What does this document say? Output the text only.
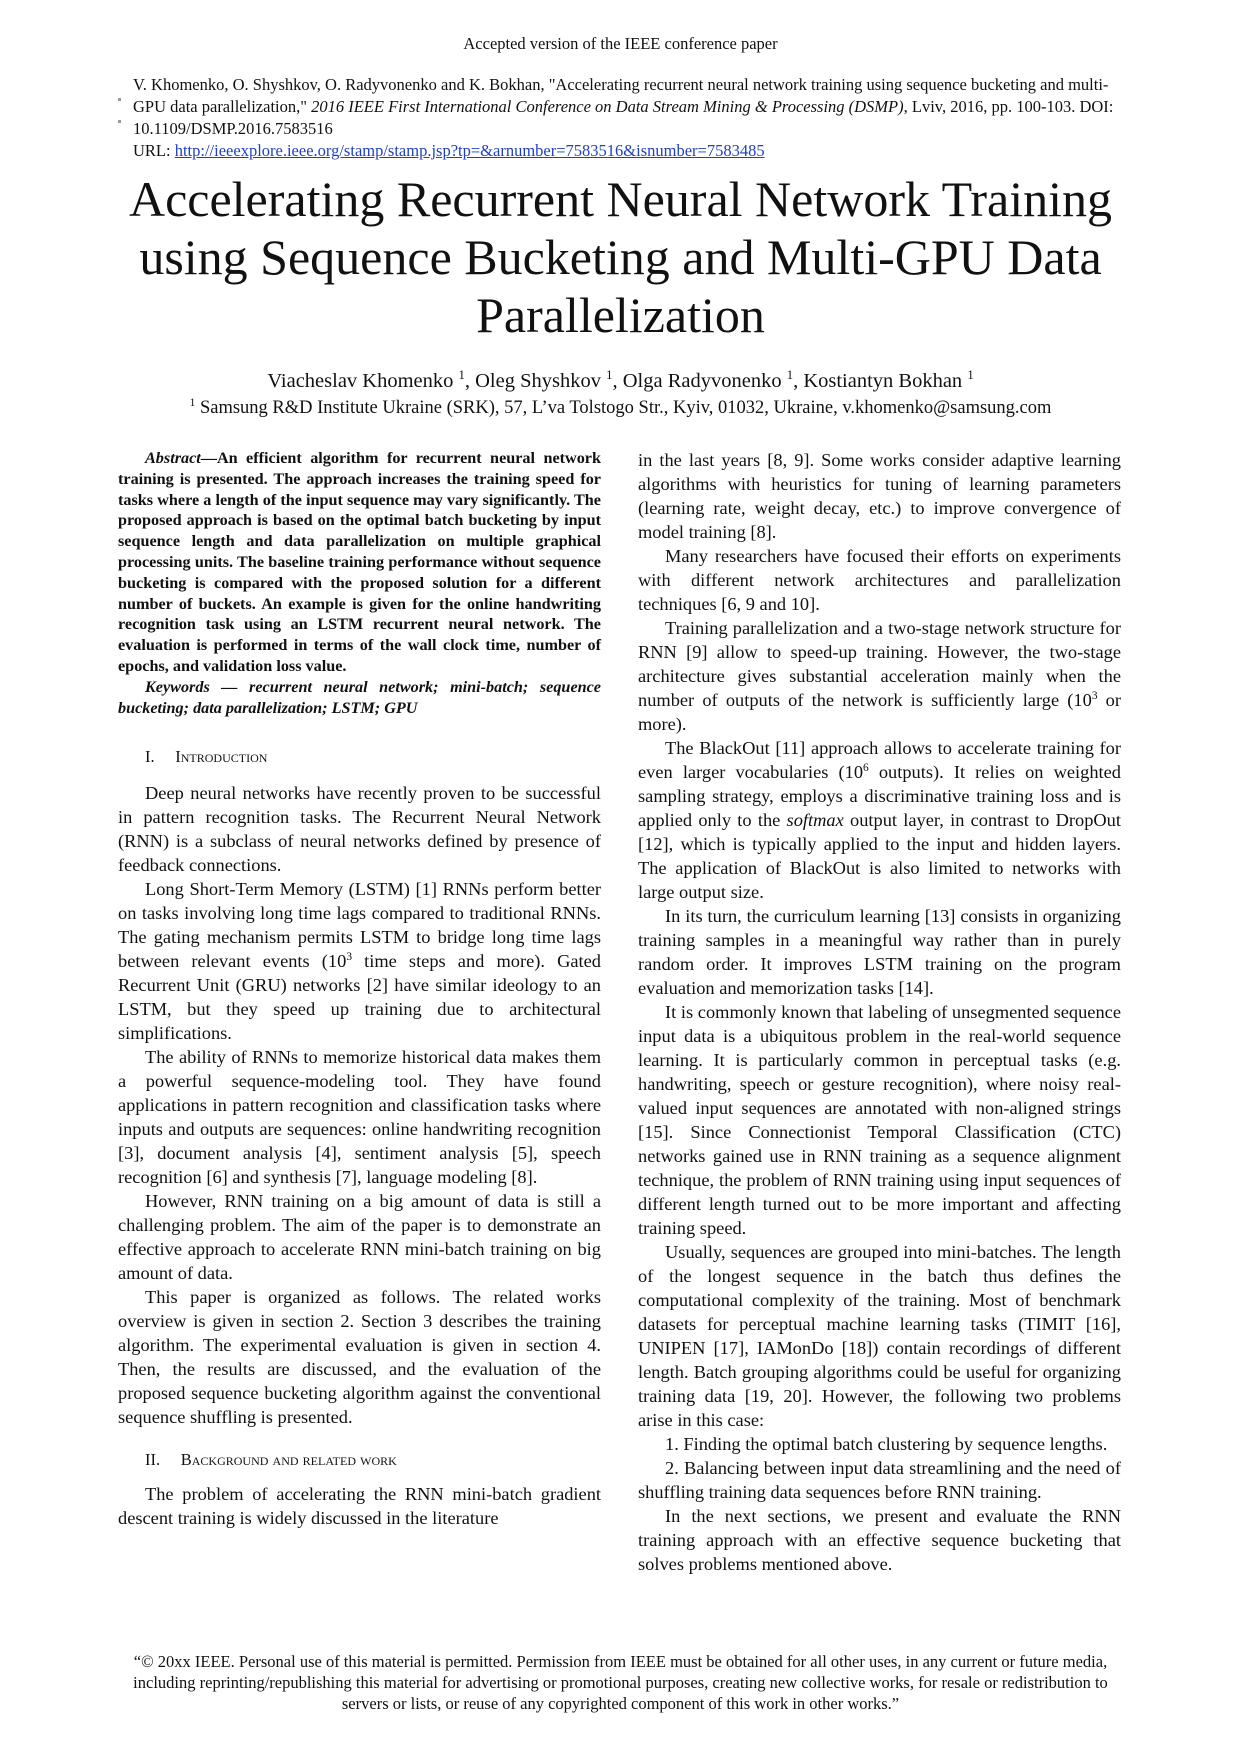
Accepted version of the IEEE conference paper
V. Khomenko, O. Shyshkov, O. Radyvonenko and K. Bokhan, "Accelerating recurrent neural network training using sequence bucketing and multi-GPU data parallelization," 2016 IEEE First International Conference on Data Stream Mining & Processing (DSMP), Lviv, 2016, pp. 100-103. DOI: 10.1109/DSMP.2016.7583516
URL: http://ieeexplore.ieee.org/stamp/stamp.jsp?tp=&arnumber=7583516&isnumber=7583485
Accelerating Recurrent Neural Network Training using Sequence Bucketing and Multi-GPU Data Parallelization
Viacheslav Khomenko $^1$, Oleg Shyshkov $^1$, Olga Radyvonenko $^1$, Kostiantyn Bokhan $^1$
$^1$ Samsung R&D Institute Ukraine (SRK), 57, L’va Tolstogo Str., Kyiv, 01032, Ukraine, v.khomenko@samsung.com

Abstract—An efficient algorithm for recurrent neural network training is presented. The approach increases the training speed for tasks where a length of the input sequence may vary significantly. The proposed approach is based on the optimal batch bucketing by input sequence length and data parallelization on multiple graphical processing units. The baseline training performance without sequence bucketing is compared with the proposed solution for a different number of buckets. An example is given for the online handwriting recognition task using an LSTM recurrent neural network. The evaluation is performed in terms of the wall clock time, number of epochs, and validation loss value.

Keywords — recurrent neural network; mini-batch; sequence bucketing; data parallelization; LSTM; GPU

I. Introduction

Deep neural networks have recently proven to be successful in pattern recognition tasks. The Recurrent Neural Network (RNN) is a subclass of neural networks defined by presence of feedback connections.

Long Short-Term Memory (LSTM) [1] RNNs perform better on tasks involving long time lags compared to traditional RNNs. The gating mechanism permits LSTM to bridge long time lags between relevant events ($10^3$ time steps and more). Gated Recurrent Unit (GRU) networks [2] have similar ideology to an LSTM, but they speed up training due to architectural simplifications.

The ability of RNNs to memorize historical data makes them a powerful sequence-modeling tool. They have found applications in pattern recognition and classification tasks where inputs and outputs are sequences: online handwriting recognition [3], document analysis [4], sentiment analysis [5], speech recognition [6] and synthesis [7], language modeling [8].

However, RNN training on a big amount of data is still a challenging problem. The aim of the paper is to demonstrate an effective approach to accelerate RNN mini-batch training on big amount of data.

This paper is organized as follows. The related works overview is given in section 2. Section 3 describes the training algorithm. The experimental evaluation is given in section 4. Then, the results are discussed, and the evaluation of the proposed sequence bucketing algorithm against the conventional sequence shuffling is presented.

II. Background and related work

The problem of accelerating the RNN mini-batch gradient descent training is widely discussed in the literature

in the last years [8, 9]. Some works consider adaptive learning algorithms with heuristics for tuning of learning parameters (learning rate, weight decay, etc.) to improve convergence of model training [8].

Many researchers have focused their efforts on experiments with different network architectures and parallelization techniques [6, 9 and 10].

Training parallelization and a two-stage network structure for RNN [9] allow to speed-up training. However, the two-stage architecture gives substantial acceleration mainly when the number of outputs of the network is sufficiently large ($10^3$ or more).

The BlackOut [11] approach allows to accelerate training for even larger vocabularies ($10^6$ outputs). It relies on weighted sampling strategy, employs a discriminative training loss and is applied only to the softmax output layer, in contrast to DropOut [12], which is typically applied to the input and hidden layers. The application of BlackOut is also limited to networks with large output size.

In its turn, the curriculum learning [13] consists in organizing training samples in a meaningful way rather than in purely random order. It improves LSTM training on the program evaluation and memorization tasks [14].

It is commonly known that labeling of unsegmented sequence input data is a ubiquitous problem in the real-world sequence learning. It is particularly common in perceptual tasks (e.g. handwriting, speech or gesture recognition), where noisy real-valued input sequences are annotated with non-aligned strings [15]. Since Connectionist Temporal Classification (CTC) networks gained use in RNN training as a sequence alignment technique, the problem of RNN training using input sequences of different length turned out to be more important and affecting training speed.

Usually, sequences are grouped into mini-batches. The length of the longest sequence in the batch thus defines the computational complexity of the training. Most of benchmark datasets for perceptual machine learning tasks (TIMIT [16], UNIPEN [17], IAMonDo [18]) contain recordings of different length. Batch grouping algorithms could be useful for organizing training data [19, 20]. However, the following two problems arise in this case:

1. Finding the optimal batch clustering by sequence lengths.

2. Balancing between input data streamlining and the need of shuffling training data sequences before RNN training.

In the next sections, we present and evaluate the RNN training approach with an effective sequence bucketing that solves problems mentioned above.

“© 20xx IEEE. Personal use of this material is permitted. Permission from IEEE must be obtained for all other uses, in any current or future media, including reprinting/republishing this material for advertising or promotional purposes, creating new collective works, for resale or redistribution to servers or lists, or reuse of any copyrighted component of this work in other works.”
